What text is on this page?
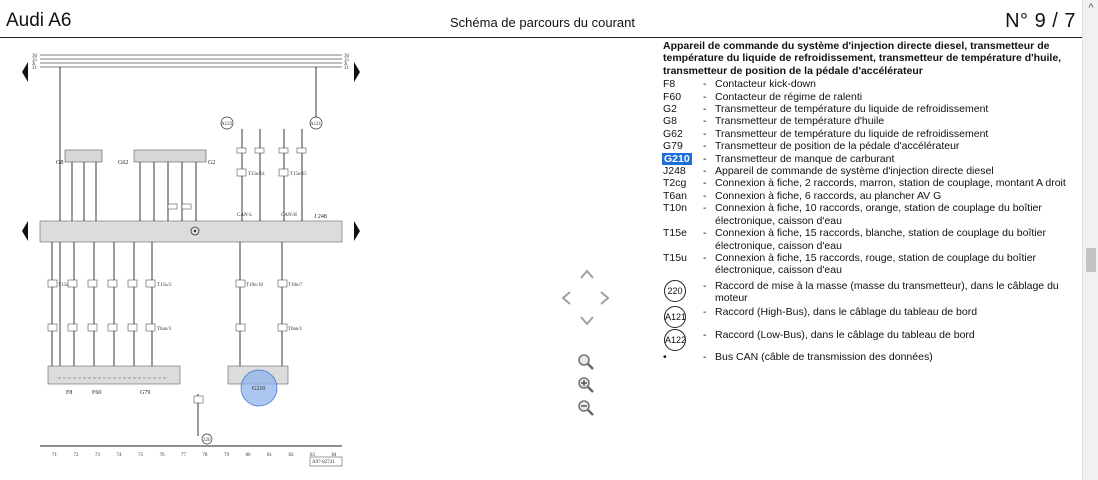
Audi A6	Schéma de parcours du courant	N° 9 / 7
^
30
15
X
31
30
15
X
31
J 248
CAN-L	CAN-H
A122	A121
G8	G62	G2
T15e/14	T15e/15
T15u	T15u/2	T10n/10	T10n/7
T6an/3	T6an/1
F8	F60	G79
G210
220
A97-82741
71	72	73	74	75	76	77	78	79	80	81	82	83	84
Appareil de commande du système d'injection directe diesel, transmetteur de température du liquide de refroidissement, transmetteur de température d'huile, transmetteur de position de la pédale d'accélérateur
F8	- Contacteur kick-down
F60	- Contacteur de régime de ralenti
G2	- Transmetteur de température du liquide de refroidissement
G8	- Transmetteur de température d'huile
G62	- Transmetteur de température du liquide de refroidissement
G79	- Transmetteur de position de la pédale d'accélérateur
G210	- Transmetteur de manque de carburant
J248	- Appareil de commande de système d'injection directe diesel
T2cg	- Connexion à fiche, 2 raccords, marron, station de couplage, montant A droit
T6an	- Connexion à fiche, 6 raccords, au plancher AV G
T10n	- Connexion à fiche, 10 raccords, orange, station de couplage du boîtier électronique, caisson d'eau
T15e	- Connexion à fiche, 15 raccords, blanche, station de couplage du boîtier électronique, caisson d'eau
T15u	- Connexion à fiche, 15 raccords, rouge, station de couplage du boîtier électronique, caisson d'eau
220	- Raccord de mise à la masse (masse du transmetteur), dans le câblage du moteur
A121	- Raccord (High-Bus), dans le câblage du tableau de bord
A122	- Raccord (Low-Bus), dans le câblage du tableau de bord
•	- Bus CAN (câble de transmission des données)
